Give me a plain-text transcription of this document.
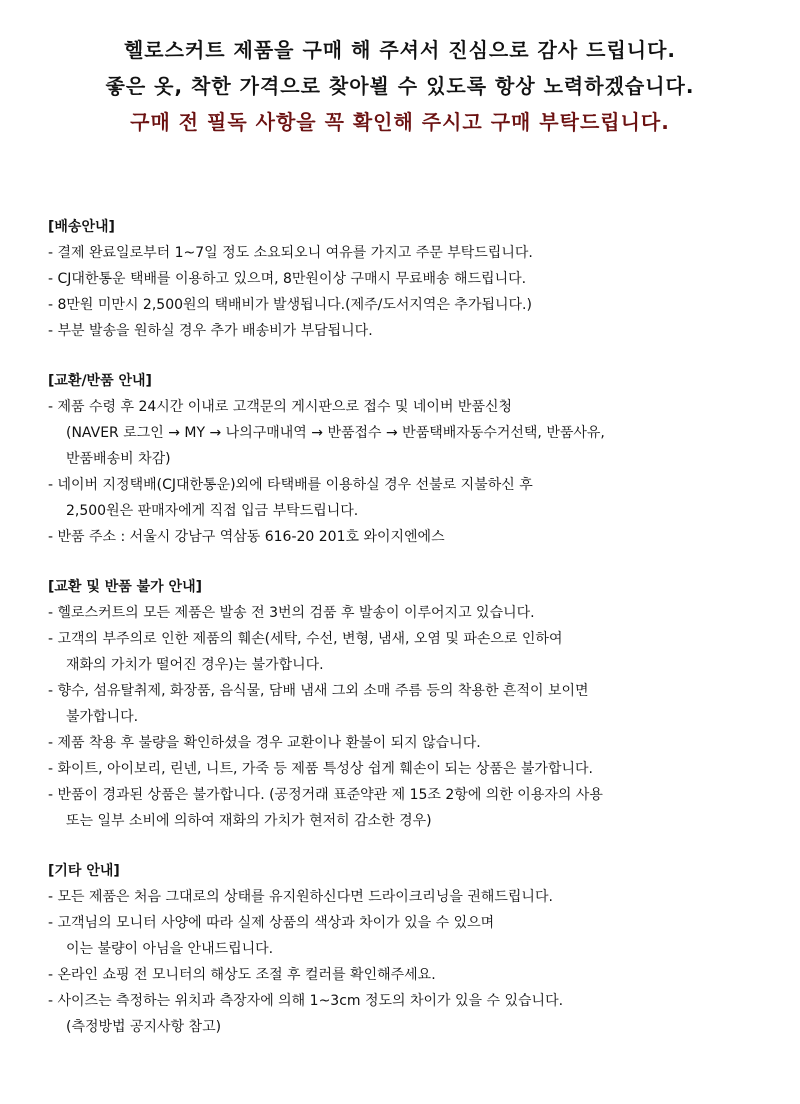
헬로스커트 제품을 구매 해 주셔서 진심으로 감사 드립니다.
좋은 옷, 착한 가격으로 찾아뵐 수 있도록 항상 노력하겠습니다.
구매 전 필독 사항을 꼭 확인해 주시고 구매 부탁드립니다.
[배송안내]
- 결제 완료일로부터 1~7일 정도 소요되오니 여유를 가지고 주문 부탁드립니다.
- CJ대한통운 택배를 이용하고 있으며, 8만원이상 구매시 무료배송 해드립니다.
- 8만원 미만시 2,500원의 택배비가 발생됩니다.(제주/도서지역은 추가됩니다.)
- 부분 발송을 원하실 경우 추가 배송비가 부담됩니다.
[교환/반품 안내]
- 제품 수령 후 24시간 이내로 고객문의 게시판으로 접수 및 네이버 반품신청
(NAVER 로그인 → MY → 나의구매내역 → 반품접수 → 반품택배자동수거선택, 반품사유,
반품배송비 차감)
- 네이버 지정택배(CJ대한통운)외에 타택배를 이용하실 경우 선불로 지불하신 후
2,500원은 판매자에게 직접 입금 부탁드립니다.
- 반품 주소 : 서울시 강남구 역삼동 616-20 201호 와이지엔에스
[교환 및 반품 불가 안내]
- 헬로스커트의 모든 제품은 발송 전 3번의 검품 후 발송이 이루어지고 있습니다.
- 고객의 부주의로 인한 제품의 훼손(세탁, 수선, 변형, 냄새, 오염 및 파손으로 인하여
재화의 가치가 떨어진 경우)는 불가합니다.
- 향수, 섬유탈취제, 화장품, 음식물, 담배 냄새 그외 소매 주름 등의 착용한 흔적이 보이면
불가합니다.
- 제품 착용 후 불량을 확인하셨을 경우 교환이나 환불이 되지 않습니다.
- 화이트, 아이보리, 린넨, 니트, 가죽 등 제품 특성상 쉽게 훼손이 되는 상품은 불가합니다.
- 반품이 경과된 상품은 불가합니다. (공정거래 표준약관 제 15조 2항에 의한 이용자의 사용
또는 일부 소비에 의하여 재화의 가치가 현저히 감소한 경우)
[기타 안내]
- 모든 제품은 처음 그대로의 상태를 유지원하신다면 드라이크리닝을 권해드립니다.
- 고객님의 모니터 사양에 따라 실제 상품의 색상과 차이가 있을 수 있으며
이는 불량이 아님을 안내드립니다.
- 온라인 쇼핑 전 모니터의 해상도 조절 후 컬러를 확인해주세요.
- 사이즈는 측정하는 위치과 측장자에 의해 1~3cm 정도의 차이가 있을 수 있습니다.
(측정방법 공지사항 참고)
